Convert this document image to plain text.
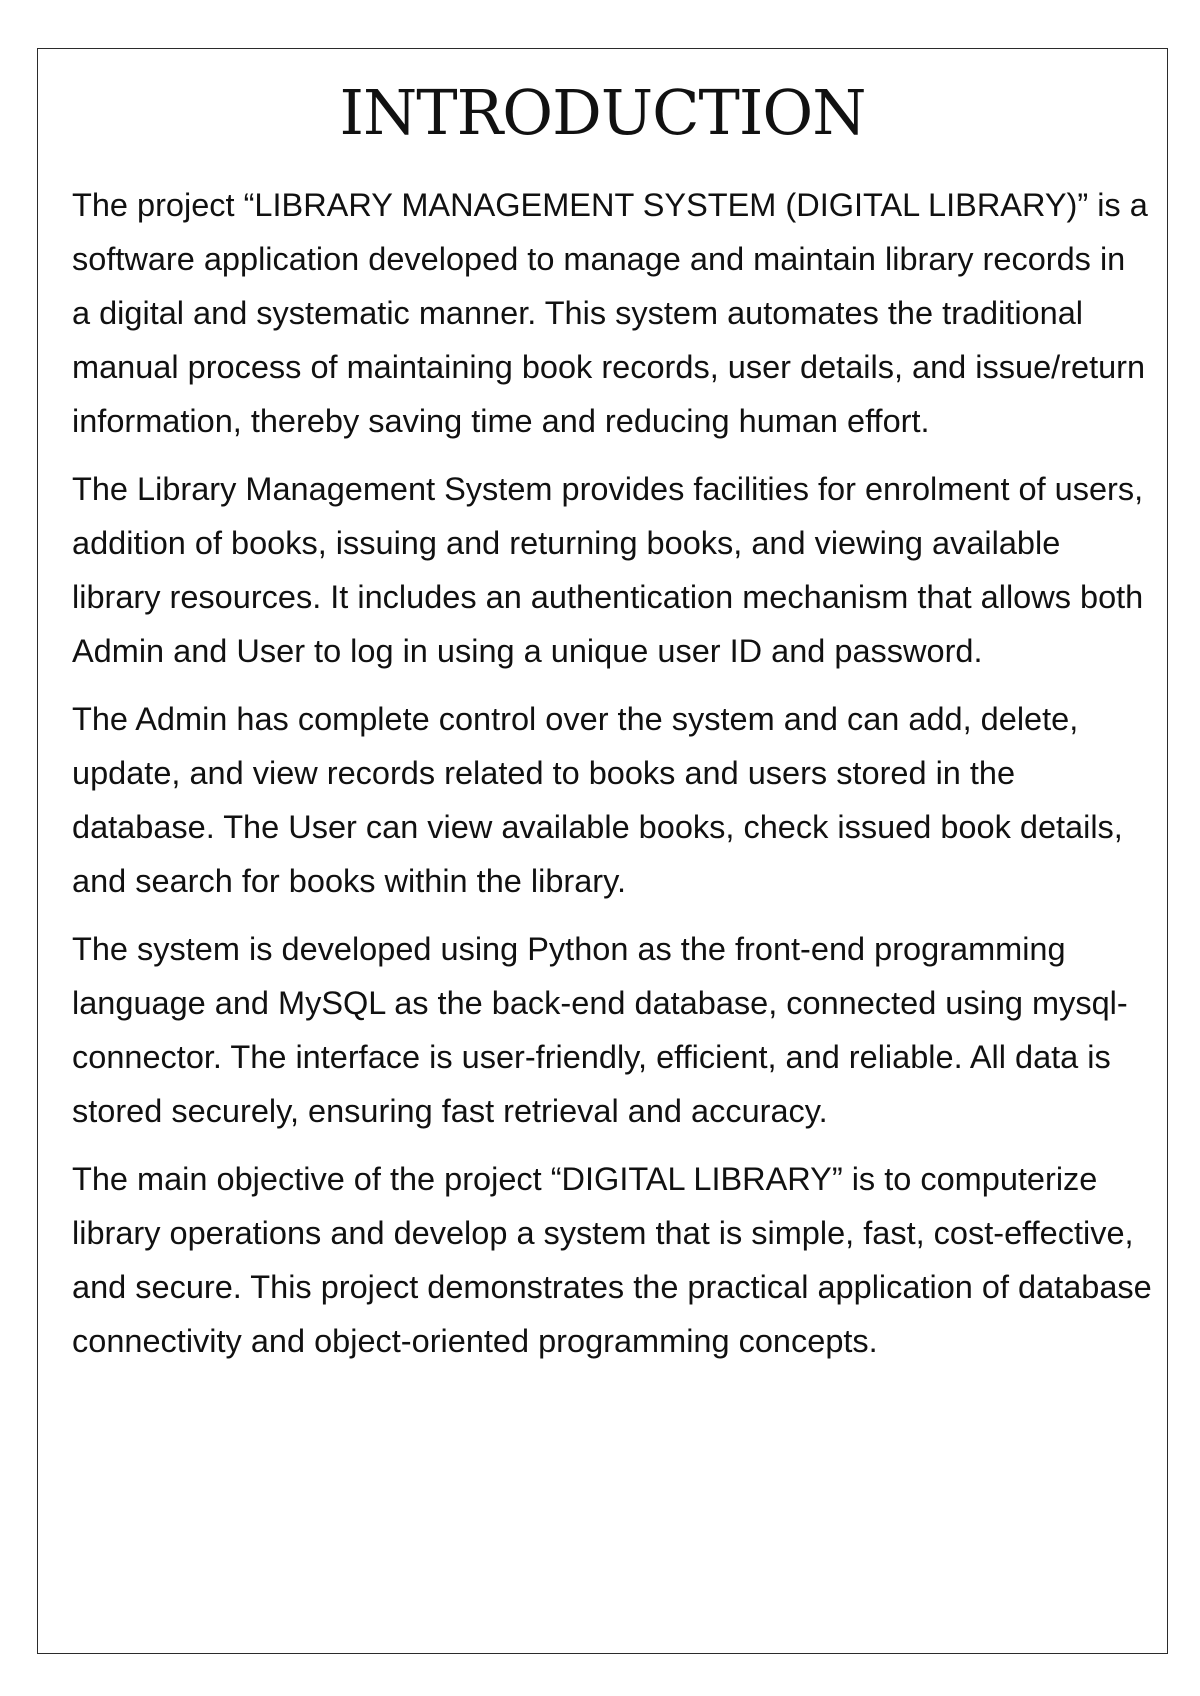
INTRODUCTION

The project “LIBRARY MANAGEMENT SYSTEM (DIGITAL LIBRARY)” is a software application developed to manage and maintain library records in a digital and systematic manner. This system automates the traditional manual process of maintaining book records, user details, and issue/return information, thereby saving time and reducing human effort.

The Library Management System provides facilities for enrolment of users, addition of books, issuing and returning books, and viewing available library resources. It includes an authentication mechanism that allows both Admin and User to log in using a unique user ID and password.

The Admin has complete control over the system and can add, delete, update, and view records related to books and users stored in the database. The User can view available books, check issued book details, and search for books within the library.

The system is developed using Python as the front-end programming language and MySQL as the back-end database, connected using mysql-connector. The interface is user-friendly, efficient, and reliable. All data is stored securely, ensuring fast retrieval and accuracy.

The main objective of the project “DIGITAL LIBRARY” is to computerize library operations and develop a system that is simple, fast, cost-effective, and secure. This project demonstrates the practical application of database connectivity and object-oriented programming concepts.
